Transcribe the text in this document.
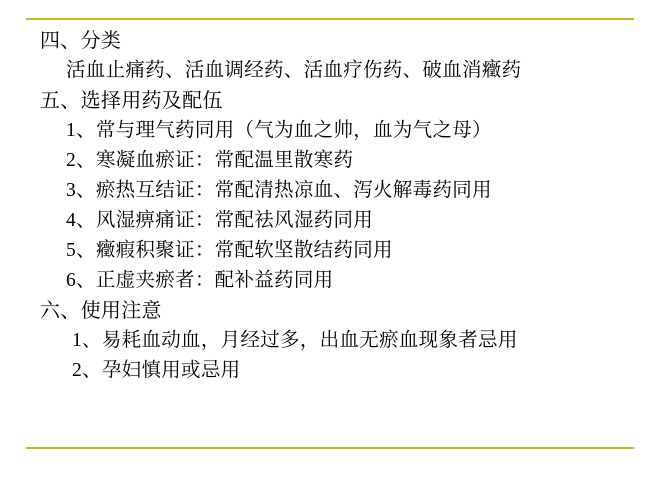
四、分类
活血止痛药、活血调经药、活血疗伤药、破血消癥药
五、选择用药及配伍
1、常与理气药同用（气为血之帅，血为气之母）
2、寒凝血瘀证：常配温里散寒药
3、瘀热互结证：常配清热凉血、泻火解毒药同用
4、风湿痹痛证：常配祛风湿药同用
5、癥瘕积聚证：常配软坚散结药同用
6、正虚夹瘀者：配补益药同用
六、使用注意
1、易耗血动血，月经过多，出血无瘀血现象者忌用
2、孕妇慎用或忌用
